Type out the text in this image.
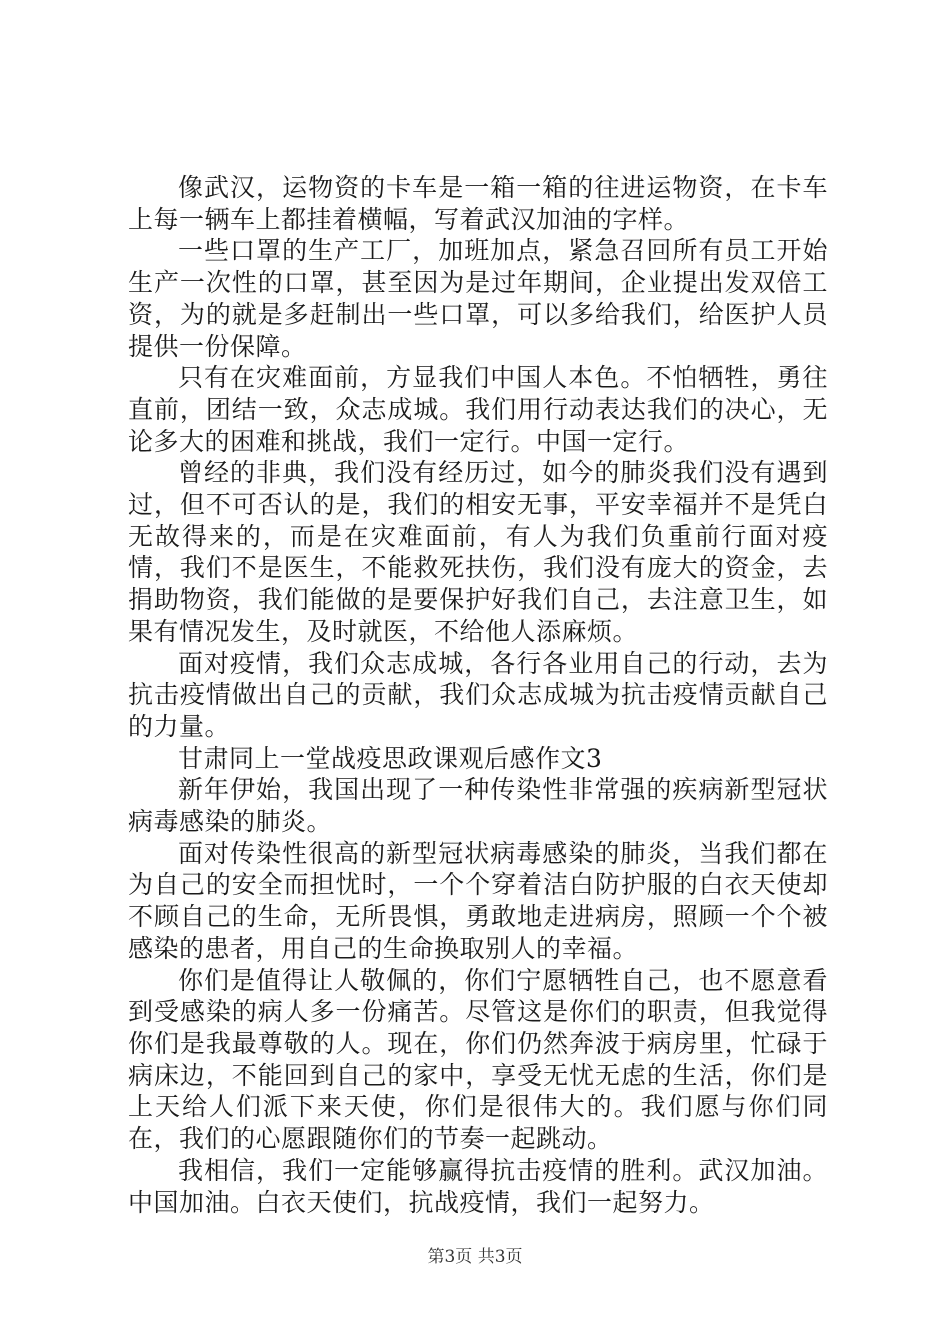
像武汉，运物资的卡车是一箱一箱的往进运物资，在卡车上每一辆车上都挂着横幅，写着武汉加油的字样。

一些口罩的生产工厂，加班加点，紧急召回所有员工开始生产一次性的口罩，甚至因为是过年期间，企业提出发双倍工资，为的就是多赶制出一些口罩，可以多给我们，给医护人员提供一份保障。

只有在灾难面前，方显我们中国人本色。不怕牺牲，勇往直前，团结一致，众志成城。我们用行动表达我们的决心，无论多大的困难和挑战，我们一定行。中国一定行。

曾经的非典，我们没有经历过，如今的肺炎我们没有遇到过，但不可否认的是，我们的相安无事，平安幸福并不是凭白无故得来的，而是在灾难面前，有人为我们负重前行面对疫情，我们不是医生，不能救死扶伤，我们没有庞大的资金，去捐助物资，我们能做的是要保护好我们自己，去注意卫生，如果有情况发生，及时就医，不给他人添麻烦。

面对疫情，我们众志成城，各行各业用自己的行动，去为抗击疫情做出自己的贡献，我们众志成城为抗击疫情贡献自己的力量。

甘肃同上一堂战疫思政课观后感作文3

新年伊始，我国出现了一种传染性非常强的疾病新型冠状病毒感染的肺炎。

面对传染性很高的新型冠状病毒感染的肺炎，当我们都在为自己的安全而担忧时，一个个穿着洁白防护服的白衣天使却不顾自己的生命，无所畏惧，勇敢地走进病房，照顾一个个被感染的患者，用自己的生命换取别人的幸福。

你们是值得让人敬佩的，你们宁愿牺牲自己，也不愿意看到受感染的病人多一份痛苦。尽管这是你们的职责，但我觉得你们是我最尊敬的人。现在，你们仍然奔波于病房里，忙碌于病床边，不能回到自己的家中，享受无忧无虑的生活，你们是上天给人们派下来天使，你们是很伟大的。我们愿与你们同在，我们的心愿跟随你们的节奏一起跳动。

我相信，我们一定能够赢得抗击疫情的胜利。武汉加油。中国加油。白衣天使们，抗战疫情，我们一起努力。

第3页 共3页
